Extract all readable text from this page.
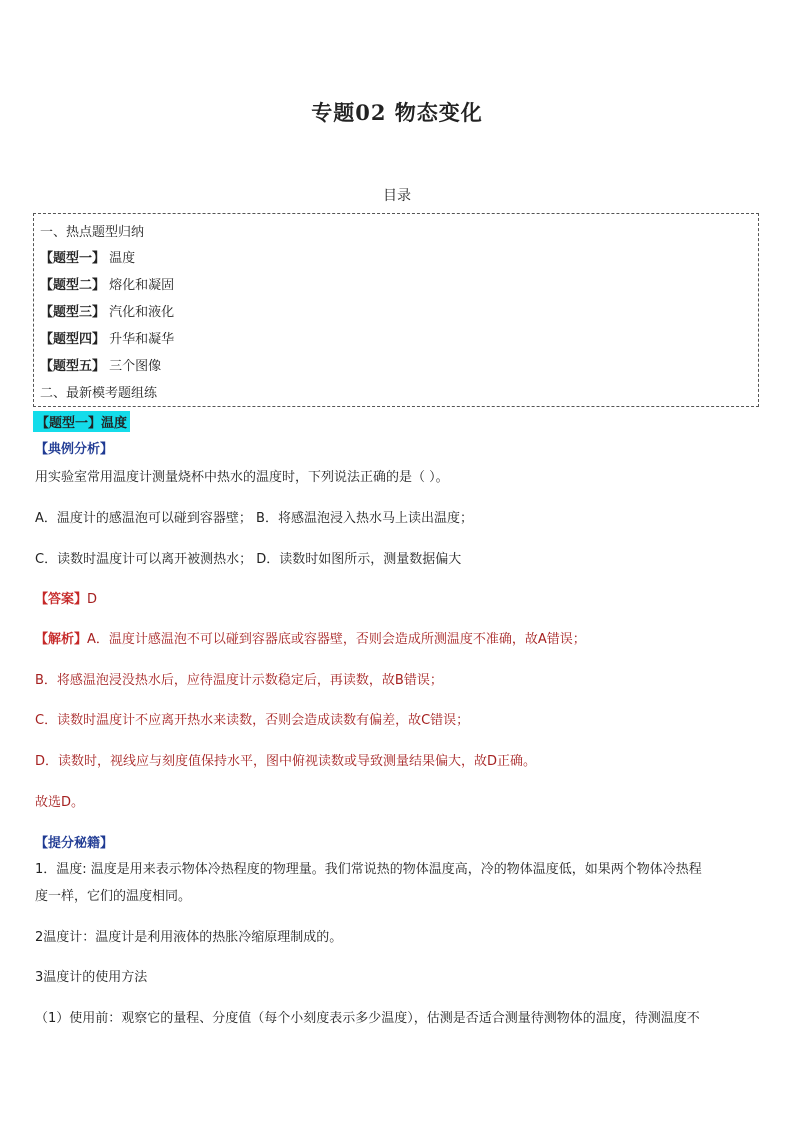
专题02 物态变化
目录
一、热点题型归纳
【题型一】 温度
【题型二】 熔化和凝固
【题型三】 汽化和液化
【题型四】 升华和凝华
【题型五】 三个图像
二、最新模考题组练
【题型一】温度
【典例分析】
用实验室常用温度计测量烧杯中热水的温度时，下列说法正确的是（ ）。
A．温度计的感温泡可以碰到容器壁； B．将感温泡浸入热水马上读出温度；
C．读数时温度计可以离开被测热水； D．读数时如图所示，测量数据偏大
【答案】D
【解析】A．温度计感温泡不可以碰到容器底或容器壁，否则会造成所测温度不准确，故A错误；
B．将感温泡浸没热水后，应待温度计示数稳定后，再读数，故B错误；
C．读数时温度计不应离开热水来读数，否则会造成读数有偏差，故C错误；
D．读数时，视线应与刻度值保持水平，图中俯视读数或导致测量结果偏大，故D正确。
故选D。
【提分秘籍】
1．温度: 温度是用来表示物体冷热程度的物理量。我们常说热的物体温度高，冷的物体温度低，如果两个物体冷热程
度一样，它们的温度相同。
2温度计：温度计是利用液体的热胀冷缩原理制成的。
3温度计的使用方法
（1）使用前：观察它的量程、分度值（每个小刻度表示多少温度），估测是否适合测量待测物体的温度，待测温度不
